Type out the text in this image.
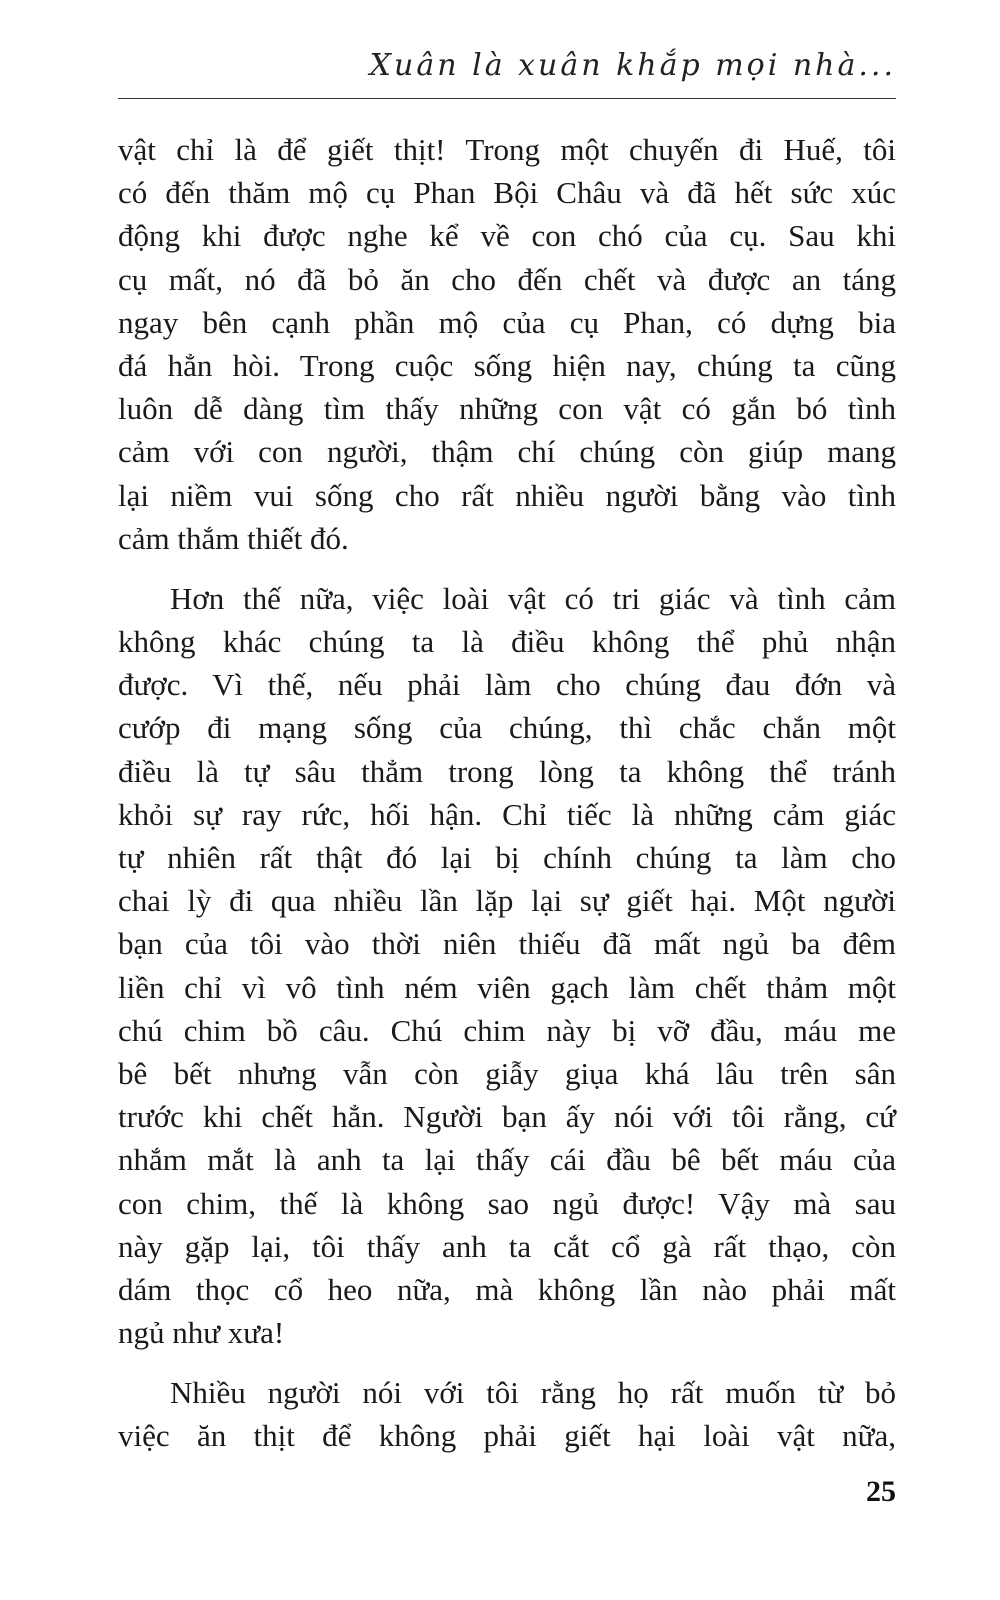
Xuân là xuân khắp mọi nhà...
vật chỉ là để giết thịt! Trong một chuyến đi Huế, tôi
có đến thăm mộ cụ Phan Bội Châu và đã hết sức xúc
động khi được nghe kể về con chó của cụ. Sau khi
cụ mất, nó đã bỏ ăn cho đến chết và được an táng
ngay bên cạnh phần mộ của cụ Phan, có dựng bia
đá hẳn hòi. Trong cuộc sống hiện nay, chúng ta cũng
luôn dễ dàng tìm thấy những con vật có gắn bó tình
cảm với con người, thậm chí chúng còn giúp mang
lại niềm vui sống cho rất nhiều người bằng vào tình
cảm thắm thiết đó.
Hơn thế nữa, việc loài vật có tri giác và tình cảm
không khác chúng ta là điều không thể phủ nhận
được. Vì thế, nếu phải làm cho chúng đau đớn và
cướp đi mạng sống của chúng, thì chắc chắn một
điều là tự sâu thẳm trong lòng ta không thể tránh
khỏi sự ray rức, hối hận. Chỉ tiếc là những cảm giác
tự nhiên rất thật đó lại bị chính chúng ta làm cho
chai lỳ đi qua nhiều lần lặp lại sự giết hại. Một người
bạn của tôi vào thời niên thiếu đã mất ngủ ba đêm
liền chỉ vì vô tình ném viên gạch làm chết thảm một
chú chim bồ câu. Chú chim này bị vỡ đầu, máu me
bê bết nhưng vẫn còn giẫy giụa khá lâu trên sân
trước khi chết hẳn. Người bạn ấy nói với tôi rằng, cứ
nhắm mắt là anh ta lại thấy cái đầu bê bết máu của
con chim, thế là không sao ngủ được! Vậy mà sau
này gặp lại, tôi thấy anh ta cắt cổ gà rất thạo, còn
dám thọc cổ heo nữa, mà không lần nào phải mất
ngủ như xưa!
Nhiều người nói với tôi rằng họ rất muốn từ bỏ
việc ăn thịt để không phải giết hại loài vật nữa,
25
